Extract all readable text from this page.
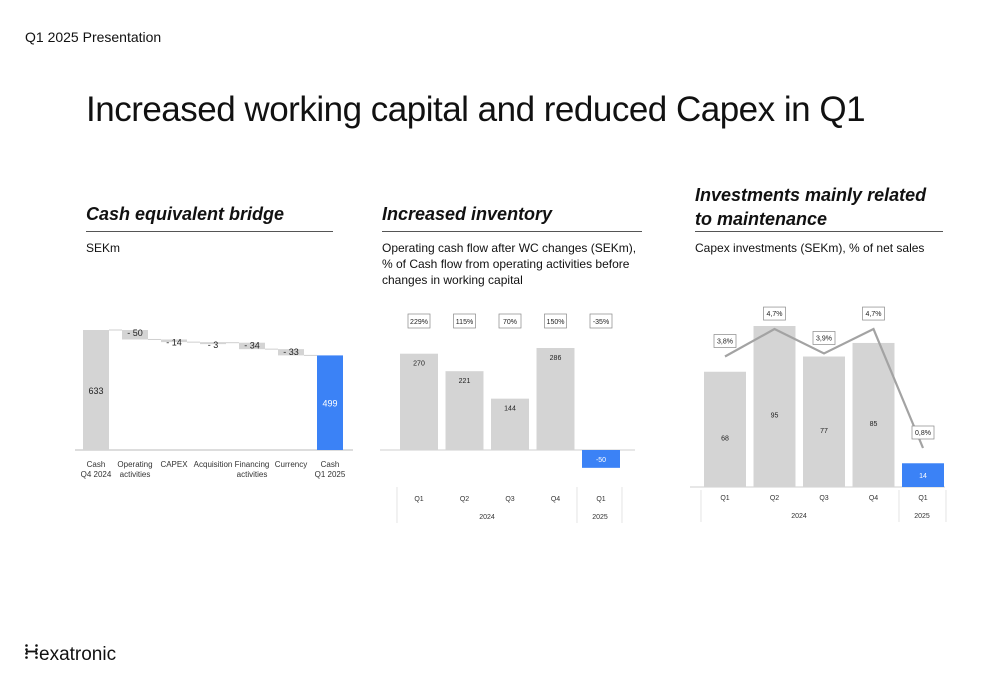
Q1 2025 Presentation
Increased working capital and reduced Capex in Q1
Cash equivalent bridge
SEKm
Increased inventory
Operating cash flow after WC changes (SEKm), % of Cash flow from operating activities before changes in working capital
Investments mainly related to maintenance
Capex investments (SEKm), % of net sales
633
Cash
Q4 2024
- 50
Operating
activities
- 14
CAPEX
- 3
Acquisition
- 34
Financing
activities
- 33
Currency
499
Cash
Q1 2025
270
229%
Q1
221
115%
Q2
144
70%
Q3
286
150%
Q4
-50
-35%
Q1
2024	2025
68
Q1
95
Q2
77
Q3
85
Q4
14
Q1
3,8%
4,7%
3,9%
4,7%
0,8%
2024	2025
exatronic
